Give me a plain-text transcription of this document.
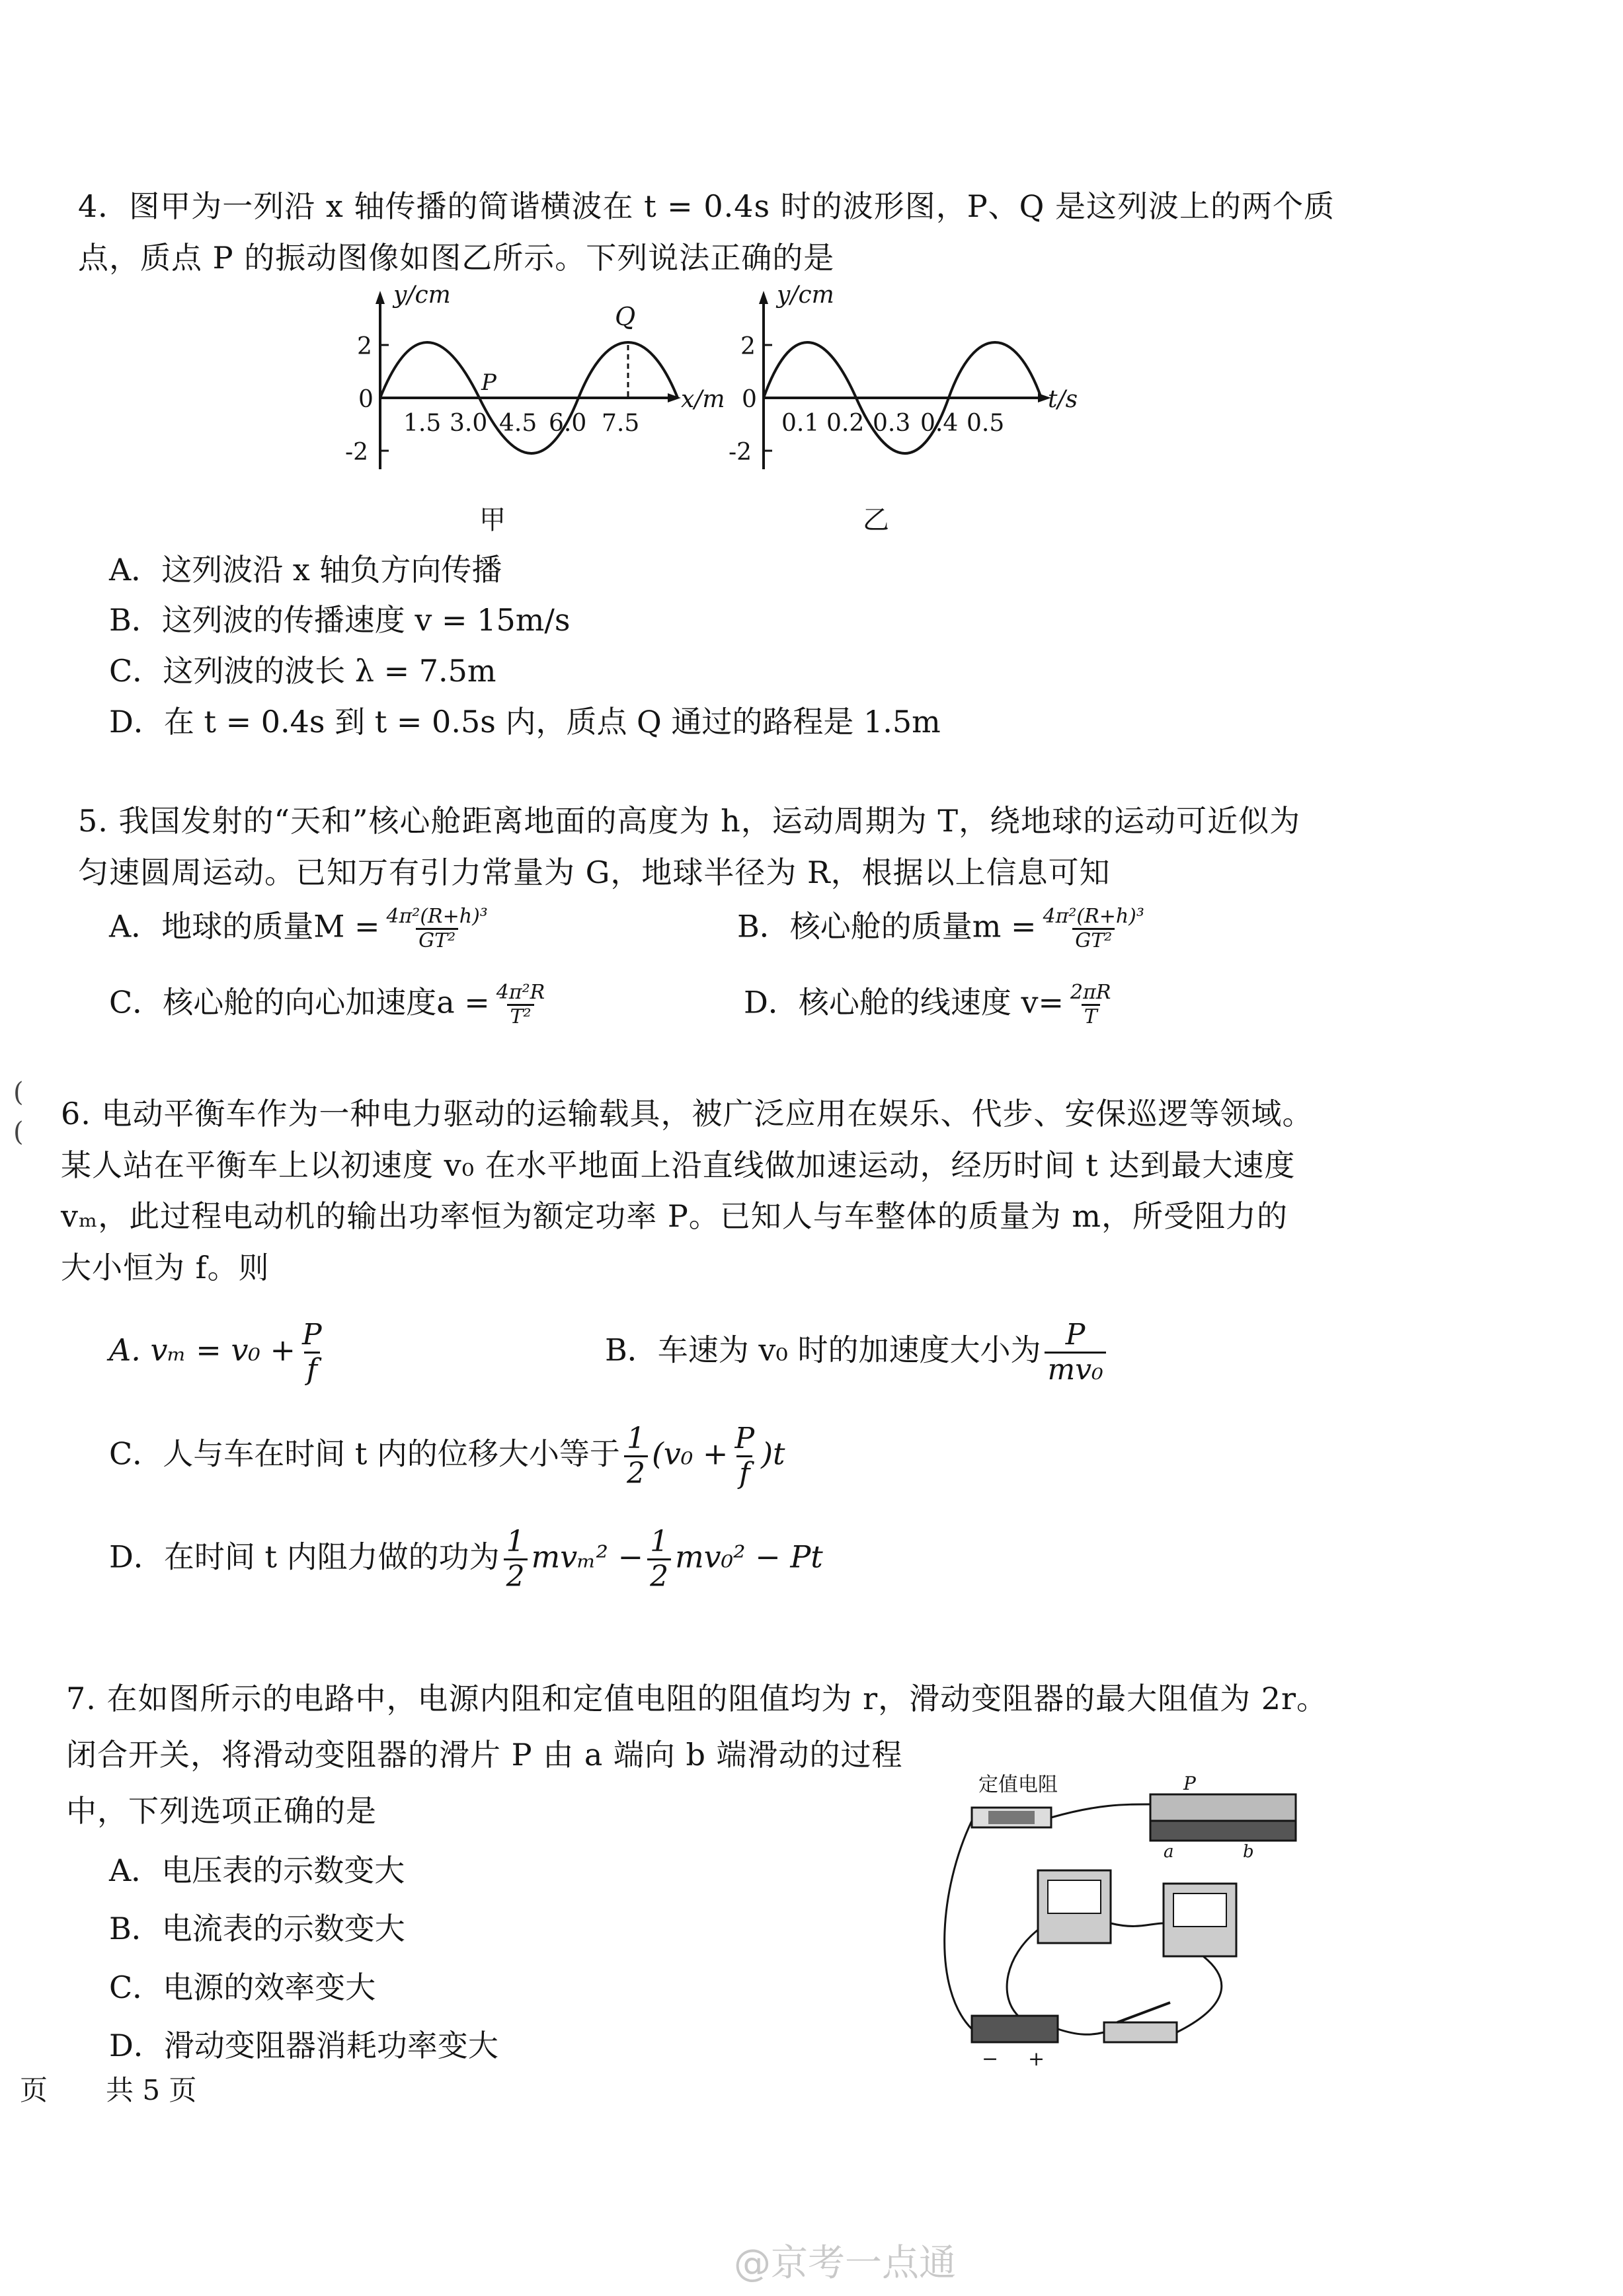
4．图甲为一列沿 x 轴传播的简谐横波在 t = 0.4s 时的波形图，P、Q 是这列波上的两个质
点，质点 P 的振动图像如图乙所示。下列说法正确的是
y/cm
x/m
2
0
-2
1.5 3.0 4.5 6.0 7.5
P
Q
甲
y/cm
t/s
2
0
-2
0.1 0.2 0.3 0.4 0.5
乙
A．这列波沿 x 轴负方向传播
B．这列波的传播速度 v = 15m/s
C．这列波的波长 λ = 7.5m
D．在 t = 0.4s 到 t = 0.5s 内，质点 Q 通过的路程是 1.5m
5. 我国发射的“天和”核心舱距离地面的高度为 h，运动周期为 T，绕地球的运动可近似为
匀速圆周运动。已知万有引力常量为 G，地球半径为 R，根据以上信息可知
A．地球的质量$M = \frac{\text{4π²(R+h)³}}{\text{GT²}}$	B．核心舱的质量$m = \frac{\text{4π²(R+h)³}}{\text{GT²}}$
C．核心舱的向心加速度$a = \frac{\text{4π²R}}{\text{T²}}$	D．核心舱的线速度 $v= \frac{2\pi R}{T}$
(
(
6. 电动平衡车作为一种电力驱动的运输载具，被广泛应用在娱乐、代步、安保巡逻等领域。
某人站在平衡车上以初速度 v₀ 在水平地面上沿直线做加速运动，经历时间 t 达到最大速度
vₘ，此过程电动机的输出功率恒为额定功率 P。已知人与车整体的质量为 m，所受阻力的
大小恒为 f。则
A. $v_m = v_0 + \frac{P}{f}$	B．车速为 v₀ 时的加速度大小为 $\frac{P}{\text{mv₀}}$
C．人与车在时间 t 内的位移大小等于 $\frac{1}{2} (v_0 + \frac{P}{f} )t$
D．在时间 t 内阻力做的功为 $\frac{1}{2} mv_m^2 - \frac{1}{2} mv_0^2 - Pt$
7. 在如图所示的电路中，电源内阻和定值电阻的阻值均为 r，滑动变阻器的最大阻值为 2r。
闭合开关，将滑动变阻器的滑片 P 由 a 端向 b 端滑动的过程
中，下列选项正确的是
A．电压表的示数变大
B．电流表的示数变大
C．电源的效率变大
D．滑动变阻器消耗功率变大
定值电阻	P
a	b
− +
页 共 5 页
@京考一点通
